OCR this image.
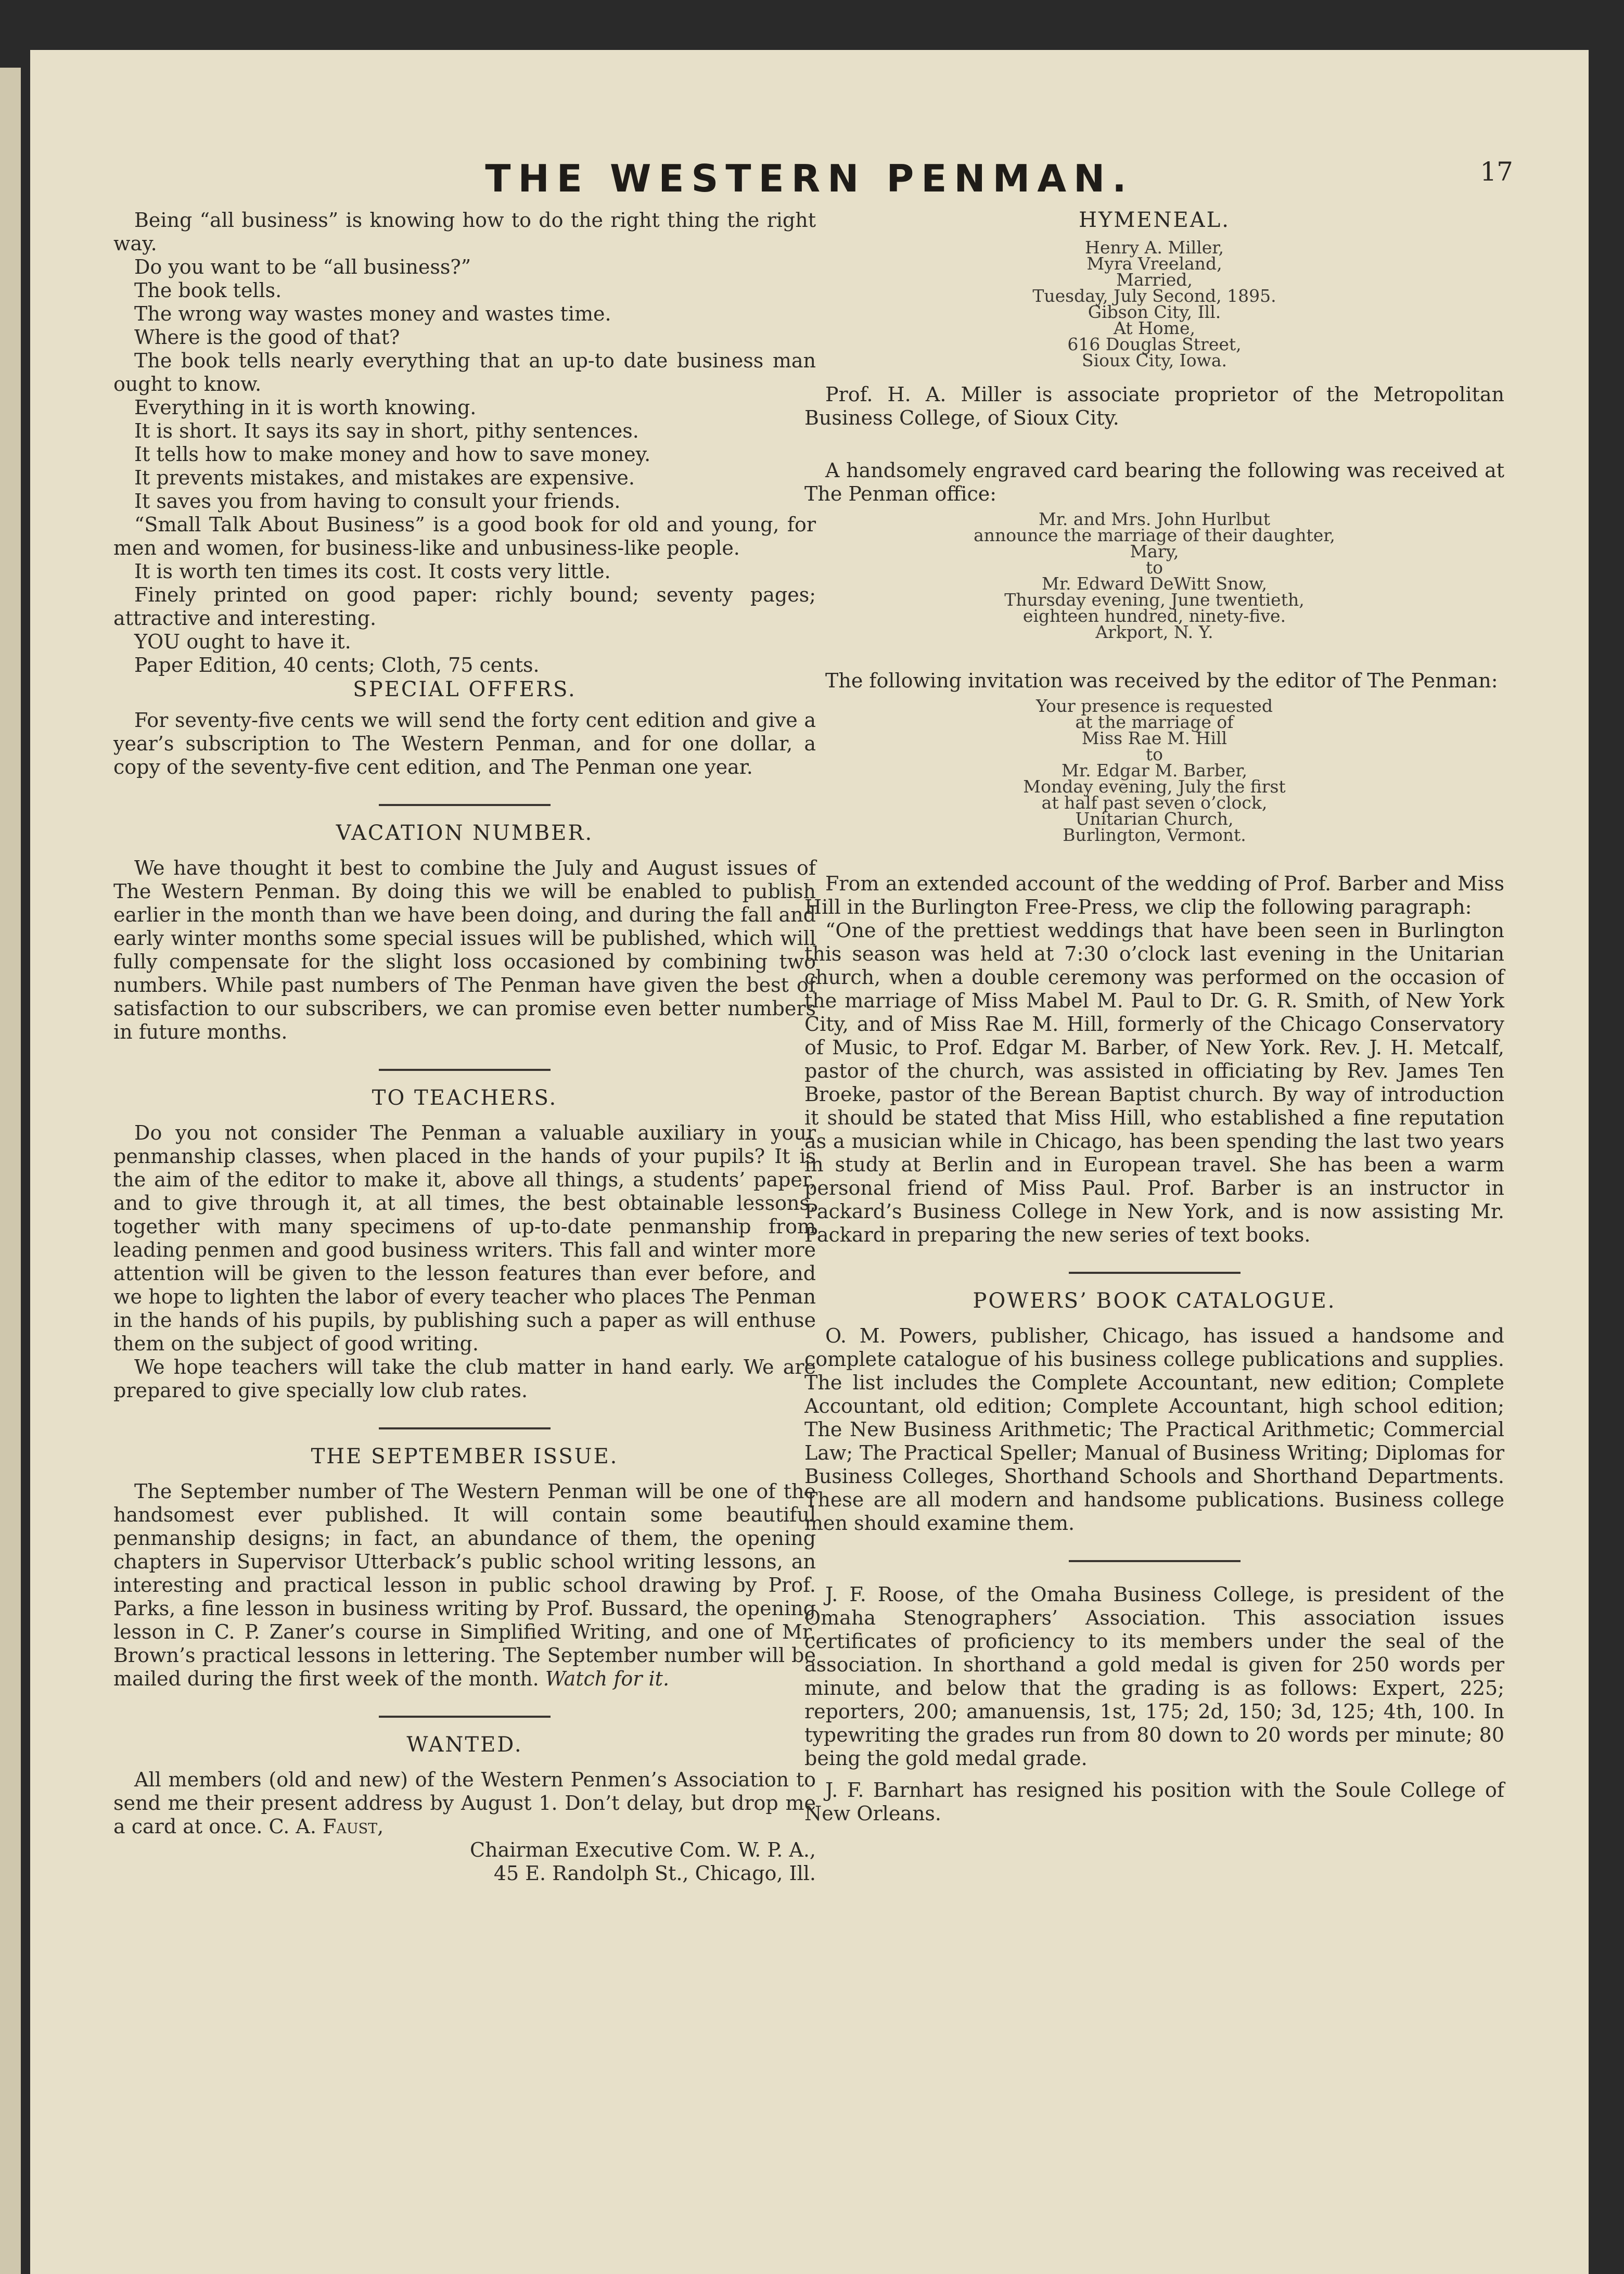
THE WESTERN PENMAN.	17

Being “all business” is knowing how to do the right thing the right way.

Do you want to be “all business?”

The book tells.

The wrong way wastes money and wastes time.

Where is the good of that?

The book tells nearly everything that an up-to date business man ought to know.

Everything in it is worth knowing.

It is short. It says its say in short, pithy sentences.

It tells how to make money and how to save money.

It prevents mistakes, and mistakes are expensive.

It saves you from having to consult your friends.

“Small Talk About Business” is a good book for old and young, for men and women, for business-like and unbusiness-like people.

It is worth ten times its cost. It costs very little.

Finely printed on good paper: richly bound; seventy pages; attractive and interesting.

YOU ought to have it.

Paper Edition, 40 cents; Cloth, 75 cents.

SPECIAL OFFERS.

For seventy-five cents we will send the forty cent edition and give a year’s subscription to The Western Penman, and for one dollar, a copy of the seventy-five cent edition, and The Penman one year.

VACATION NUMBER.

We have thought it best to combine the July and August issues of The Western Penman. By doing this we will be enabled to publish earlier in the month than we have been doing, and during the fall and early winter months some special issues will be published, which will fully compensate for the slight loss occasioned by combining two numbers. While past numbers of The Penman have given the best of satisfaction to our subscribers, we can promise even better numbers in future months.

TO TEACHERS.

Do you not consider The Penman a valuable auxiliary in your penmanship classes, when placed in the hands of your pupils? It is the aim of the editor to make it, above all things, a students’ paper, and to give through it, at all times, the best obtainable lessons, together with many specimens of up-to-date penmanship from leading penmen and good business writers. This fall and winter more attention will be given to the lesson features than ever before, and we hope to lighten the labor of every teacher who places The Penman in the hands of his pupils, by publishing such a paper as will enthuse them on the subject of good writing.

We hope teachers will take the club matter in hand early. We are prepared to give specially low club rates.

THE SEPTEMBER ISSUE.

The September number of The Western Penman will be one of the handsomest ever published. It will contain some beautiful penmanship designs; in fact, an abundance of them, the opening chapters in Supervisor Utterback’s public school writing lessons, an interesting and practical lesson in public school drawing by Prof. Parks, a fine lesson in business writing by Prof. Bussard, the opening lesson in C. P. Zaner’s course in Simplified Writing, and one of Mr. Brown’s practical lessons in lettering. The September number will be mailed during the first week of the month. Watch for it.

WANTED.

All members (old and new) of the Western Penmen’s Association to send me their present address by August 1. Don’t delay, but drop me a card at once. C. A. Faust,

Chairman Executive Com. W. P. A.,

45 E. Randolph St., Chicago, Ill.

HYMENEAL.
Henry A. Miller,
Myra Vreeland,
Married,
Tuesday, July Second, 1895.
Gibson City, Ill.
At Home,
616 Douglas Street,
Sioux City, Iowa.

Prof. H. A. Miller is associate proprietor of the Metropolitan Business College, of Sioux City.

A handsomely engraved card bearing the following was received at The Penman office:

Mr. and Mrs. John Hurlbut
announce the marriage of their daughter,
Mary,
to
Mr. Edward DeWitt Snow,
Thursday evening, June twentieth,
eighteen hundred, ninety-five.
Arkport, N. Y.

The following invitation was received by the editor of The Penman:

Your presence is requested
at the marriage of
Miss Rae M. Hill
to
Mr. Edgar M. Barber,
Monday evening, July the first
at half past seven o’clock,
Unitarian Church,
Burlington, Vermont.

From an extended account of the wedding of Prof. Barber and Miss Hill in the Burlington Free-Press, we clip the following paragraph:

“One of the prettiest weddings that have been seen in Burlington this season was held at 7:30 o’clock last evening in the Unitarian church, when a double ceremony was performed on the occasion of the marriage of Miss Mabel M. Paul to Dr. G. R. Smith, of New York City, and of Miss Rae M. Hill, formerly of the Chicago Conservatory of Music, to Prof. Edgar M. Barber, of New York. Rev. J. H. Metcalf, pastor of the church, was assisted in officiating by Rev. James Ten Broeke, pastor of the Berean Baptist church. By way of introduction it should be stated that Miss Hill, who established a fine reputation as a musician while in Chicago, has been spending the last two years in study at Berlin and in European travel. She has been a warm personal friend of Miss Paul. Prof. Barber is an instructor in Packard’s Business College in New York, and is now assisting Mr. Packard in preparing the new series of text books.

POWERS’ BOOK CATALOGUE.

O. M. Powers, publisher, Chicago, has issued a handsome and complete catalogue of his business college publications and supplies. The list includes the Complete Accountant, new edition; Complete Accountant, old edition; Complete Accountant, high school edition; The New Business Arithmetic; The Practical Arithmetic; Commercial Law; The Practical Speller; Manual of Business Writing; Diplomas for Business Colleges, Shorthand Schools and Shorthand Departments. These are all modern and handsome publications. Business college men should examine them.

J. F. Roose, of the Omaha Business College, is president of the Omaha Stenographers’ Association. This association issues certificates of proficiency to its members under the seal of the association. In shorthand a gold medal is given for 250 words per minute, and below that the grading is as follows: Expert, 225; reporters, 200; amanuensis, 1st, 175; 2d, 150; 3d, 125; 4th, 100. In typewriting the grades run from 80 down to 20 words per minute; 80 being the gold medal grade.

J. F. Barnhart has resigned his position with the Soule College of New Orleans.
